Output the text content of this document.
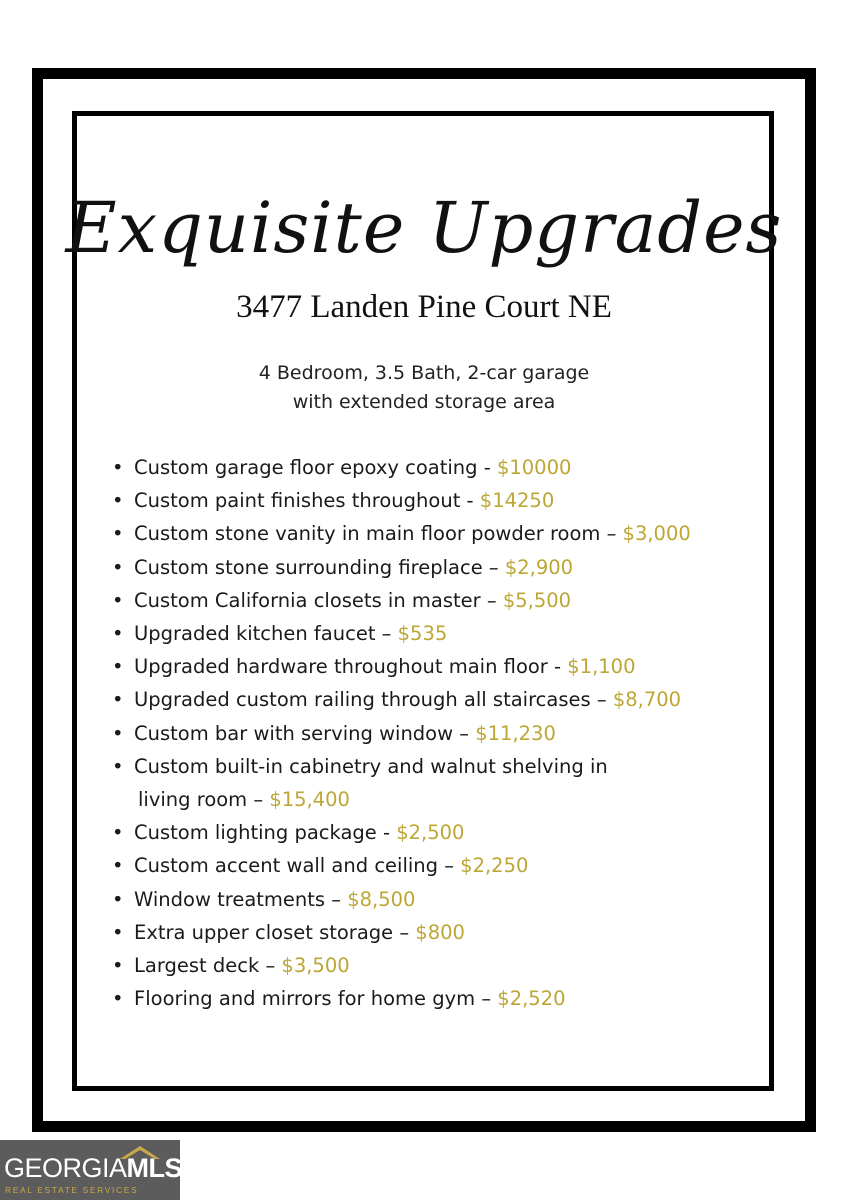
Exquisite Upgrades
3477 Landen Pine Court NE
4 Bedroom, 3.5 Bath, 2-car garage
with extended storage area
• Custom garage floor epoxy coating - $10000
• Custom paint finishes throughout - $14250
• Custom stone vanity in main floor powder room – $3,000
• Custom stone surrounding fireplace – $2,900
• Custom California closets in master – $5,500
• Upgraded kitchen faucet – $535
• Upgraded hardware throughout main floor - $1,100
• Upgraded custom railing through all staircases – $8,700
• Custom bar with serving window – $11,230
• Custom built-in cabinetry and walnut shelving in
living room – $15,400
• Custom lighting package - $2,500
• Custom accent wall and ceiling – $2,250
• Window treatments – $8,500
• Extra upper closet storage – $800
• Largest deck – $3,500
• Flooring and mirrors for home gym – $2,520
GEORGIAMLS
REAL ESTATE SERVICES
